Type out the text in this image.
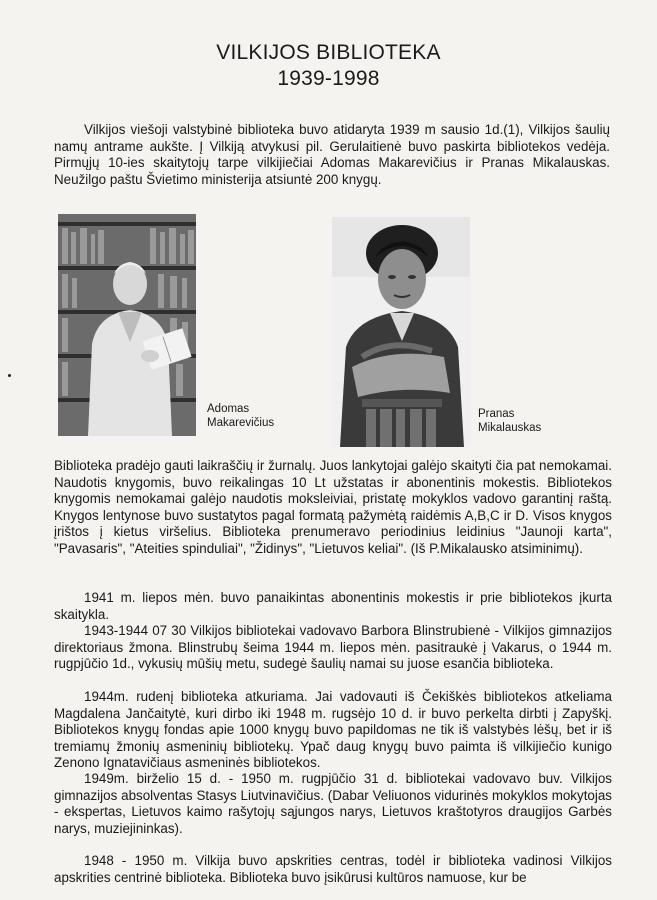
VILKIJOS BIBLIOTEKA
1939-1998

Vilkijos viešoji valstybinė biblioteka buvo atidaryta 1939 m sausio 1d.(1), Vilkijos šaulių namų antrame aukšte. Į Vilkiją atvykusi pil. Gerulaitienė buvo paskirta bibliotekos vedėja. Pirmųjų 10-ies skaitytojų tarpe vilkijiečiai Adomas Makarevičius ir Pranas Mikalauskas. Neužilgo paštu Švietimo ministerija atsiuntė 200 knygų.

Adomas
Makarevičius
Pranas
Mikalauskas

Biblioteka pradėjo gauti laikraščių ir žurnalų. Juos lankytojai galėjo skaityti čia pat nemokamai. Naudotis knygomis, buvo reikalingas 10 Lt užstatas ir abonentinis mokestis. Bibliotekos knygomis nemokamai galėjo naudotis moksleiviai, pristatę mokyklos vadovo garantinį raštą. Knygos lentynose buvo sustatytos pagal formatą pažymėtą raidėmis A,B,C ir D. Visos knygos įrištos į kietus viršelius. Biblioteka prenumeravo periodinius leidinius "Jaunoji karta", "Pavasaris", "Ateities spinduliai", "Židinys", "Lietuvos keliai". (Iš P.Mikalausko atsiminimų).

1941 m. liepos mėn. buvo panaikintas abonentinis mokestis ir prie bibliotekos įkurta skaitykla.

1943-1944 07 30 Vilkijos bibliotekai vadovavo Barbora Blinstrubienė - Vilkijos gimnazijos direktoriaus žmona. Blinstrubų šeima 1944 m. liepos mėn. pasitraukė į Vakarus, o 1944 m. rugpjūčio 1d., vykusių mūšių metu, sudegė šaulių namai su juose esančia biblioteka.

1944m. rudenį biblioteka atkuriama. Jai vadovauti iš Čekiškės bibliotekos atkeliama Magdalena Jančaitytė, kuri dirbo iki 1948 m. rugsėjo 10 d. ir buvo perkelta dirbti į Zapyškį. Bibliotekos knygų fondas apie 1000 knygų buvo papildomas ne tik iš valstybės lėšų, bet ir iš tremiamų žmonių asmeninių bibliotekų. Ypač daug knygų buvo paimta iš vilkijiečio kunigo Zenono Ignatavičiaus asmeninės bibliotekos.

1949m. birželio 15 d. - 1950 m. rugpjūčio 31 d. bibliotekai vadovavo buv. Vilkijos gimnazijos absolventas Stasys Liutvinavičius. (Dabar Veliuonos vidurinės mokyklos mokytojas - ekspertas, Lietuvos kaimo rašytojų sąjungos narys, Lietuvos kraštotyros draugijos Garbės narys, muziejininkas).

1948 - 1950 m. Vilkija buvo apskrities centras, todėl ir biblioteka vadinosi Vilkijos apskrities centrinė biblioteka. Biblioteka buvo įsikūrusi kultūros namuose, kur be
